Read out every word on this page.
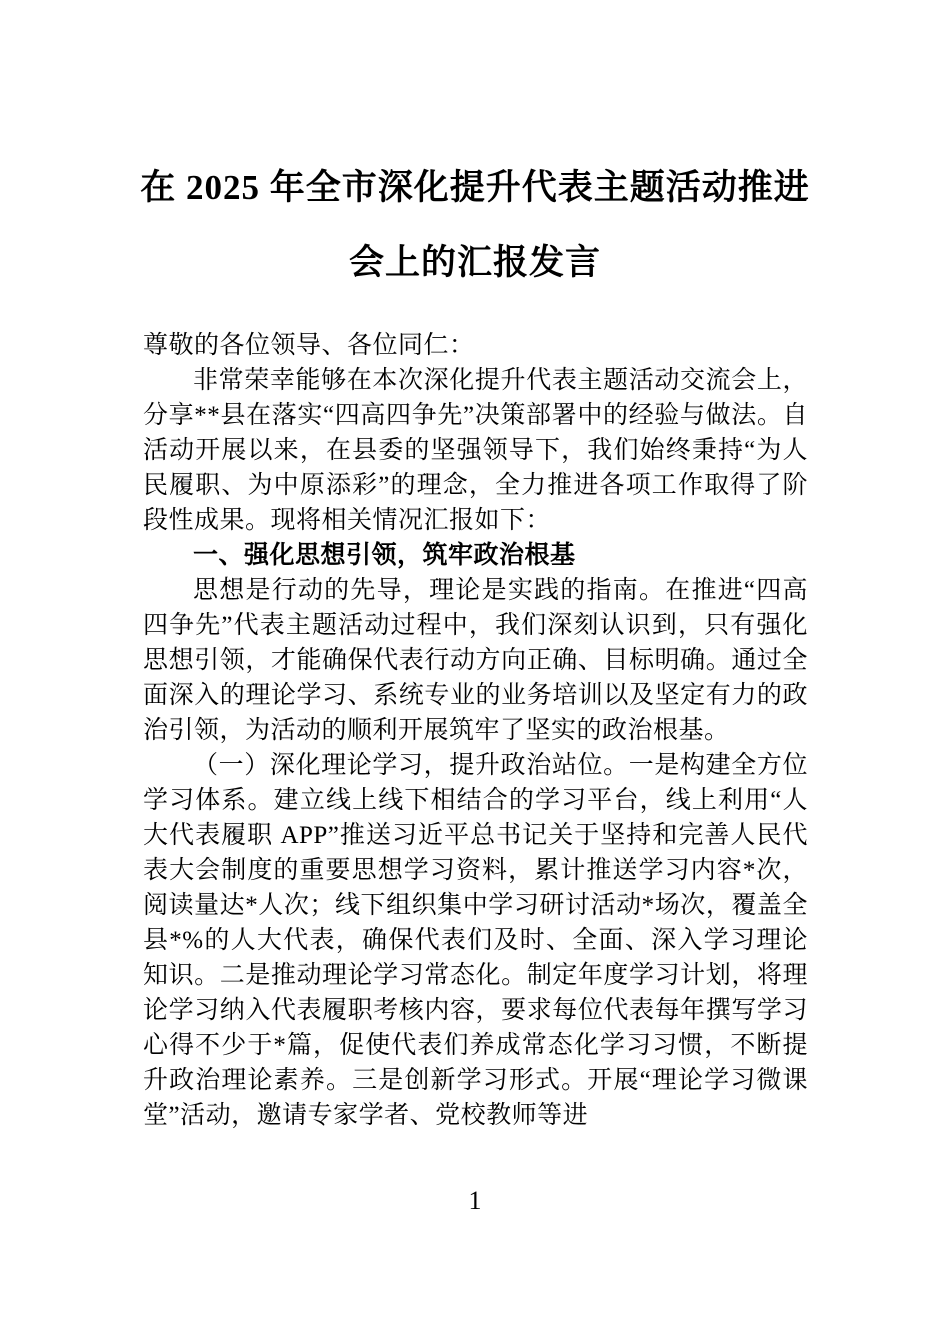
在 2025 年全市深化提升代表主题活动推进
会上的汇报发言

尊敬的各位领导、各位同仁：

非常荣幸能够在本次深化提升代表主题活动交流会上，分享**县在落实“四高四争先”决策部署中的经验与做法。自活动开展以来，在县委的坚强领导下，我们始终秉持“为人民履职、为中原添彩”的理念，全力推进各项工作取得了阶段性成果。现将相关情况汇报如下：

一、强化思想引领，筑牢政治根基

思想是行动的先导，理论是实践的指南。在推进“四高四争先”代表主题活动过程中，我们深刻认识到，只有强化思想引领，才能确保代表行动方向正确、目标明确。通过全面深入的理论学习、系统专业的业务培训以及坚定有力的政治引领，为活动的顺利开展筑牢了坚实的政治根基。

（一）深化理论学习，提升政治站位。一是构建全方位学习体系。建立线上线下相结合的学习平台，线上利用“人大代表履职 APP”推送习近平总书记关于坚持和完善人民代表大会制度的重要思想学习资料，累计推送学习内容*次，阅读量达*人次；线下组织集中学习研讨活动*场次，覆盖全县*%的人大代表，确保代表们及时、全面、深入学习理论知识。二是推动理论学习常态化。制定年度学习计划，将理论学习纳入代表履职考核内容，要求每位代表每年撰写学习心得不少于*篇，促使代表们养成常态化学习习惯，不断提升政治理论素养。三是创新学习形式。开展“理论学习微课堂”活动，邀请专家学者、党校教师等进

1
